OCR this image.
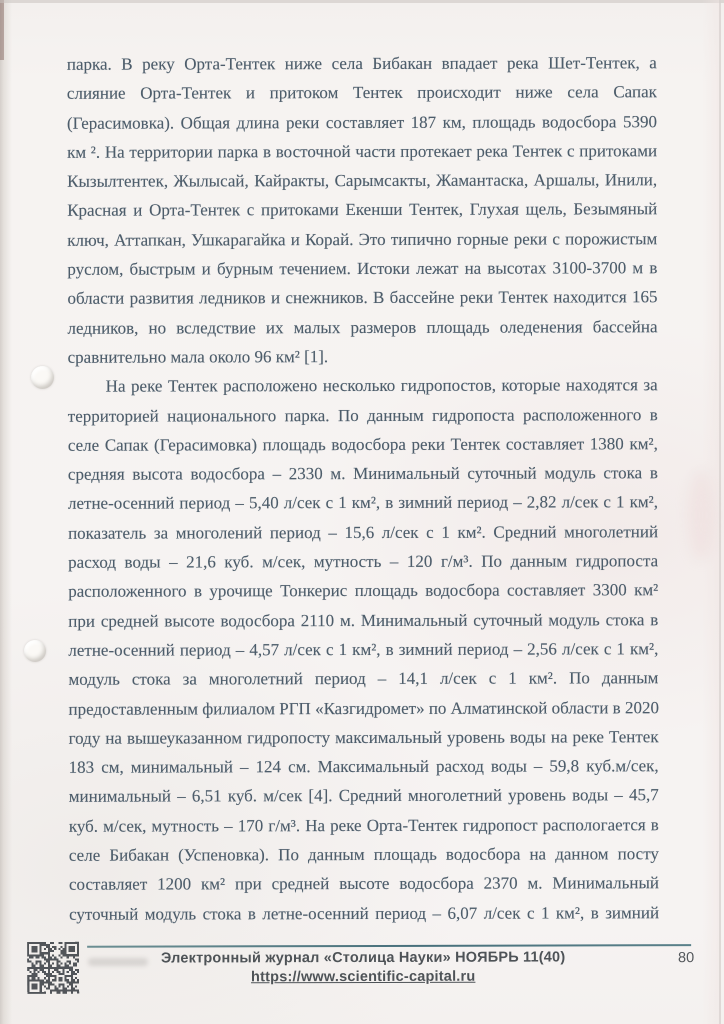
парка. В реку Орта-Тентек ниже села Бибакан впадает река Шет-Тентек, а
слияние Орта-Тентек и притоком Тентек происходит ниже села Сапак
(Герасимовка). Общая длина реки составляет 187 км, площадь водосбора 5390
км ². На территории парка в восточной части протекает река Тентек с притоками
Кызылтентек, Жылысай, Кайракты, Сарымсакты, Жамантаска, Аршалы, Инили,
Красная и Орта-Тентек с притоками Екенши Тентек, Глухая щель, Безымяный
ключ, Аттапкан, Ушкарагайка и Корай. Это типично горные реки с порожистым
руслом, быстрым и бурным течением. Истоки лежат на высотах 3100-3700 м в
области развития ледников и снежников. В бассейне реки Тентек находится 165
ледников, но вследствие их малых размеров площадь оледенения бассейна
сравнительно мала около 96 км² [1].
На реке Тентек расположено несколько гидропостов, которые находятся за
территорией национального парка. По данным гидропоста расположенного в
селе Сапак (Герасимовка) площадь водосбора реки Тентек составляет 1380 км²,
средняя высота водосбора – 2330 м. Минимальный суточный модуль стока в
летне-осенний период – 5,40 л/сек с 1 км², в зимний период – 2,82 л/сек с 1 км²,
показатель за многолений период – 15,6 л/сек с 1 км². Средний многолетний
расход воды – 21,6 куб. м/сек, мутность – 120 г/м³. По данным гидропоста
расположенного в урочище Тонкерис площадь водосбора составляет 3300 км²
при средней высоте водосбора 2110 м. Минимальный суточный модуль стока в
летне-осенний период – 4,57 л/сек с 1 км², в зимний период – 2,56 л/сек с 1 км²,
модуль стока за многолетний период – 14,1 л/сек с 1 км². По данным
предоставленным филиалом РГП «Казгидромет» по Алматинской области в 2020
году на вышеуказанном гидропосту максимальный уровень воды на реке Тентек
183 см, минимальный – 124 см. Максимальный расход воды – 59,8 куб.м/сек,
минимальный – 6,51 куб. м/сек [4]. Средний многолетний уровень воды – 45,7
куб. м/сек, мутность – 170 г/м³. На реке Орта-Тентек гидропост распологается в
селе Бибакан (Успеновка). По данным площадь водосбора на данном посту
составляет 1200 км² при средней высоте водосбора 2370 м. Минимальный
суточный модуль стока в летне-осенний период – 6,07 л/сек с 1 км², в зимний
Электронный журнал «Столица Науки» НОЯБРЬ 11(40)
https://www.scientific-capital.ru
80
